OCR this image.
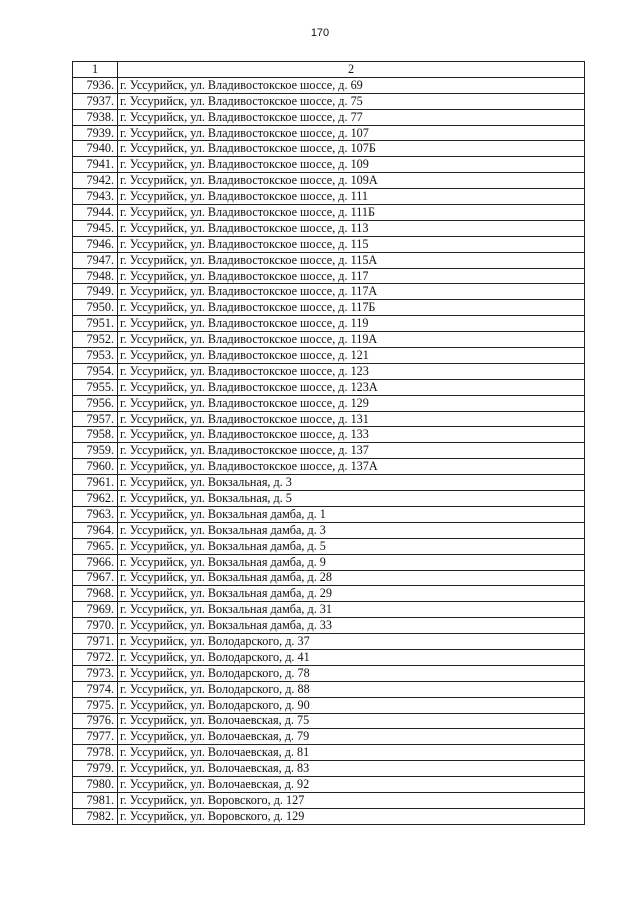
170
1	2
7936.	г. Уссурийск, ул. Владивостокское шоссе, д. 69
7937.	г. Уссурийск, ул. Владивостокское шоссе, д. 75
7938.	г. Уссурийск, ул. Владивостокское шоссе, д. 77
7939.	г. Уссурийск, ул. Владивостокское шоссе, д. 107
7940.	г. Уссурийск, ул. Владивостокское шоссе, д. 107Б
7941.	г. Уссурийск, ул. Владивостокское шоссе, д. 109
7942.	г. Уссурийск, ул. Владивостокское шоссе, д. 109А
7943.	г. Уссурийск, ул. Владивостокское шоссе, д. 111
7944.	г. Уссурийск, ул. Владивостокское шоссе, д. 111Б
7945.	г. Уссурийск, ул. Владивостокское шоссе, д. 113
7946.	г. Уссурийск, ул. Владивостокское шоссе, д. 115
7947.	г. Уссурийск, ул. Владивостокское шоссе, д. 115А
7948.	г. Уссурийск, ул. Владивостокское шоссе, д. 117
7949.	г. Уссурийск, ул. Владивостокское шоссе, д. 117А
7950.	г. Уссурийск, ул. Владивостокское шоссе, д. 117Б
7951.	г. Уссурийск, ул. Владивостокское шоссе, д. 119
7952.	г. Уссурийск, ул. Владивостокское шоссе, д. 119А
7953.	г. Уссурийск, ул. Владивостокское шоссе, д. 121
7954.	г. Уссурийск, ул. Владивостокское шоссе, д. 123
7955.	г. Уссурийск, ул. Владивостокское шоссе, д. 123А
7956.	г. Уссурийск, ул. Владивостокское шоссе, д. 129
7957.	г. Уссурийск, ул. Владивостокское шоссе, д. 131
7958.	г. Уссурийск, ул. Владивостокское шоссе, д. 133
7959.	г. Уссурийск, ул. Владивостокское шоссе, д. 137
7960.	г. Уссурийск, ул. Владивостокское шоссе, д. 137А
7961.	г. Уссурийск, ул. Вокзальная, д. 3
7962.	г. Уссурийск, ул. Вокзальная, д. 5
7963.	г. Уссурийск, ул. Вокзальная дамба, д. 1
7964.	г. Уссурийск, ул. Вокзальная дамба, д. 3
7965.	г. Уссурийск, ул. Вокзальная дамба, д. 5
7966.	г. Уссурийск, ул. Вокзальная дамба, д. 9
7967.	г. Уссурийск, ул. Вокзальная дамба, д. 28
7968.	г. Уссурийск, ул. Вокзальная дамба, д. 29
7969.	г. Уссурийск, ул. Вокзальная дамба, д. 31
7970.	г. Уссурийск, ул. Вокзальная дамба, д. 33
7971.	г. Уссурийск, ул. Володарского, д. 37
7972.	г. Уссурийск, ул. Володарского, д. 41
7973.	г. Уссурийск, ул. Володарского, д. 78
7974.	г. Уссурийск, ул. Володарского, д. 88
7975.	г. Уссурийск, ул. Володарского, д. 90
7976.	г. Уссурийск, ул. Волочаевская, д. 75
7977.	г. Уссурийск, ул. Волочаевская, д. 79
7978.	г. Уссурийск, ул. Волочаевская, д. 81
7979.	г. Уссурийск, ул. Волочаевская, д. 83
7980.	г. Уссурийск, ул. Волочаевская, д. 92
7981.	г. Уссурийск, ул. Воровского, д. 127
7982.	г. Уссурийск, ул. Воровского, д. 129
